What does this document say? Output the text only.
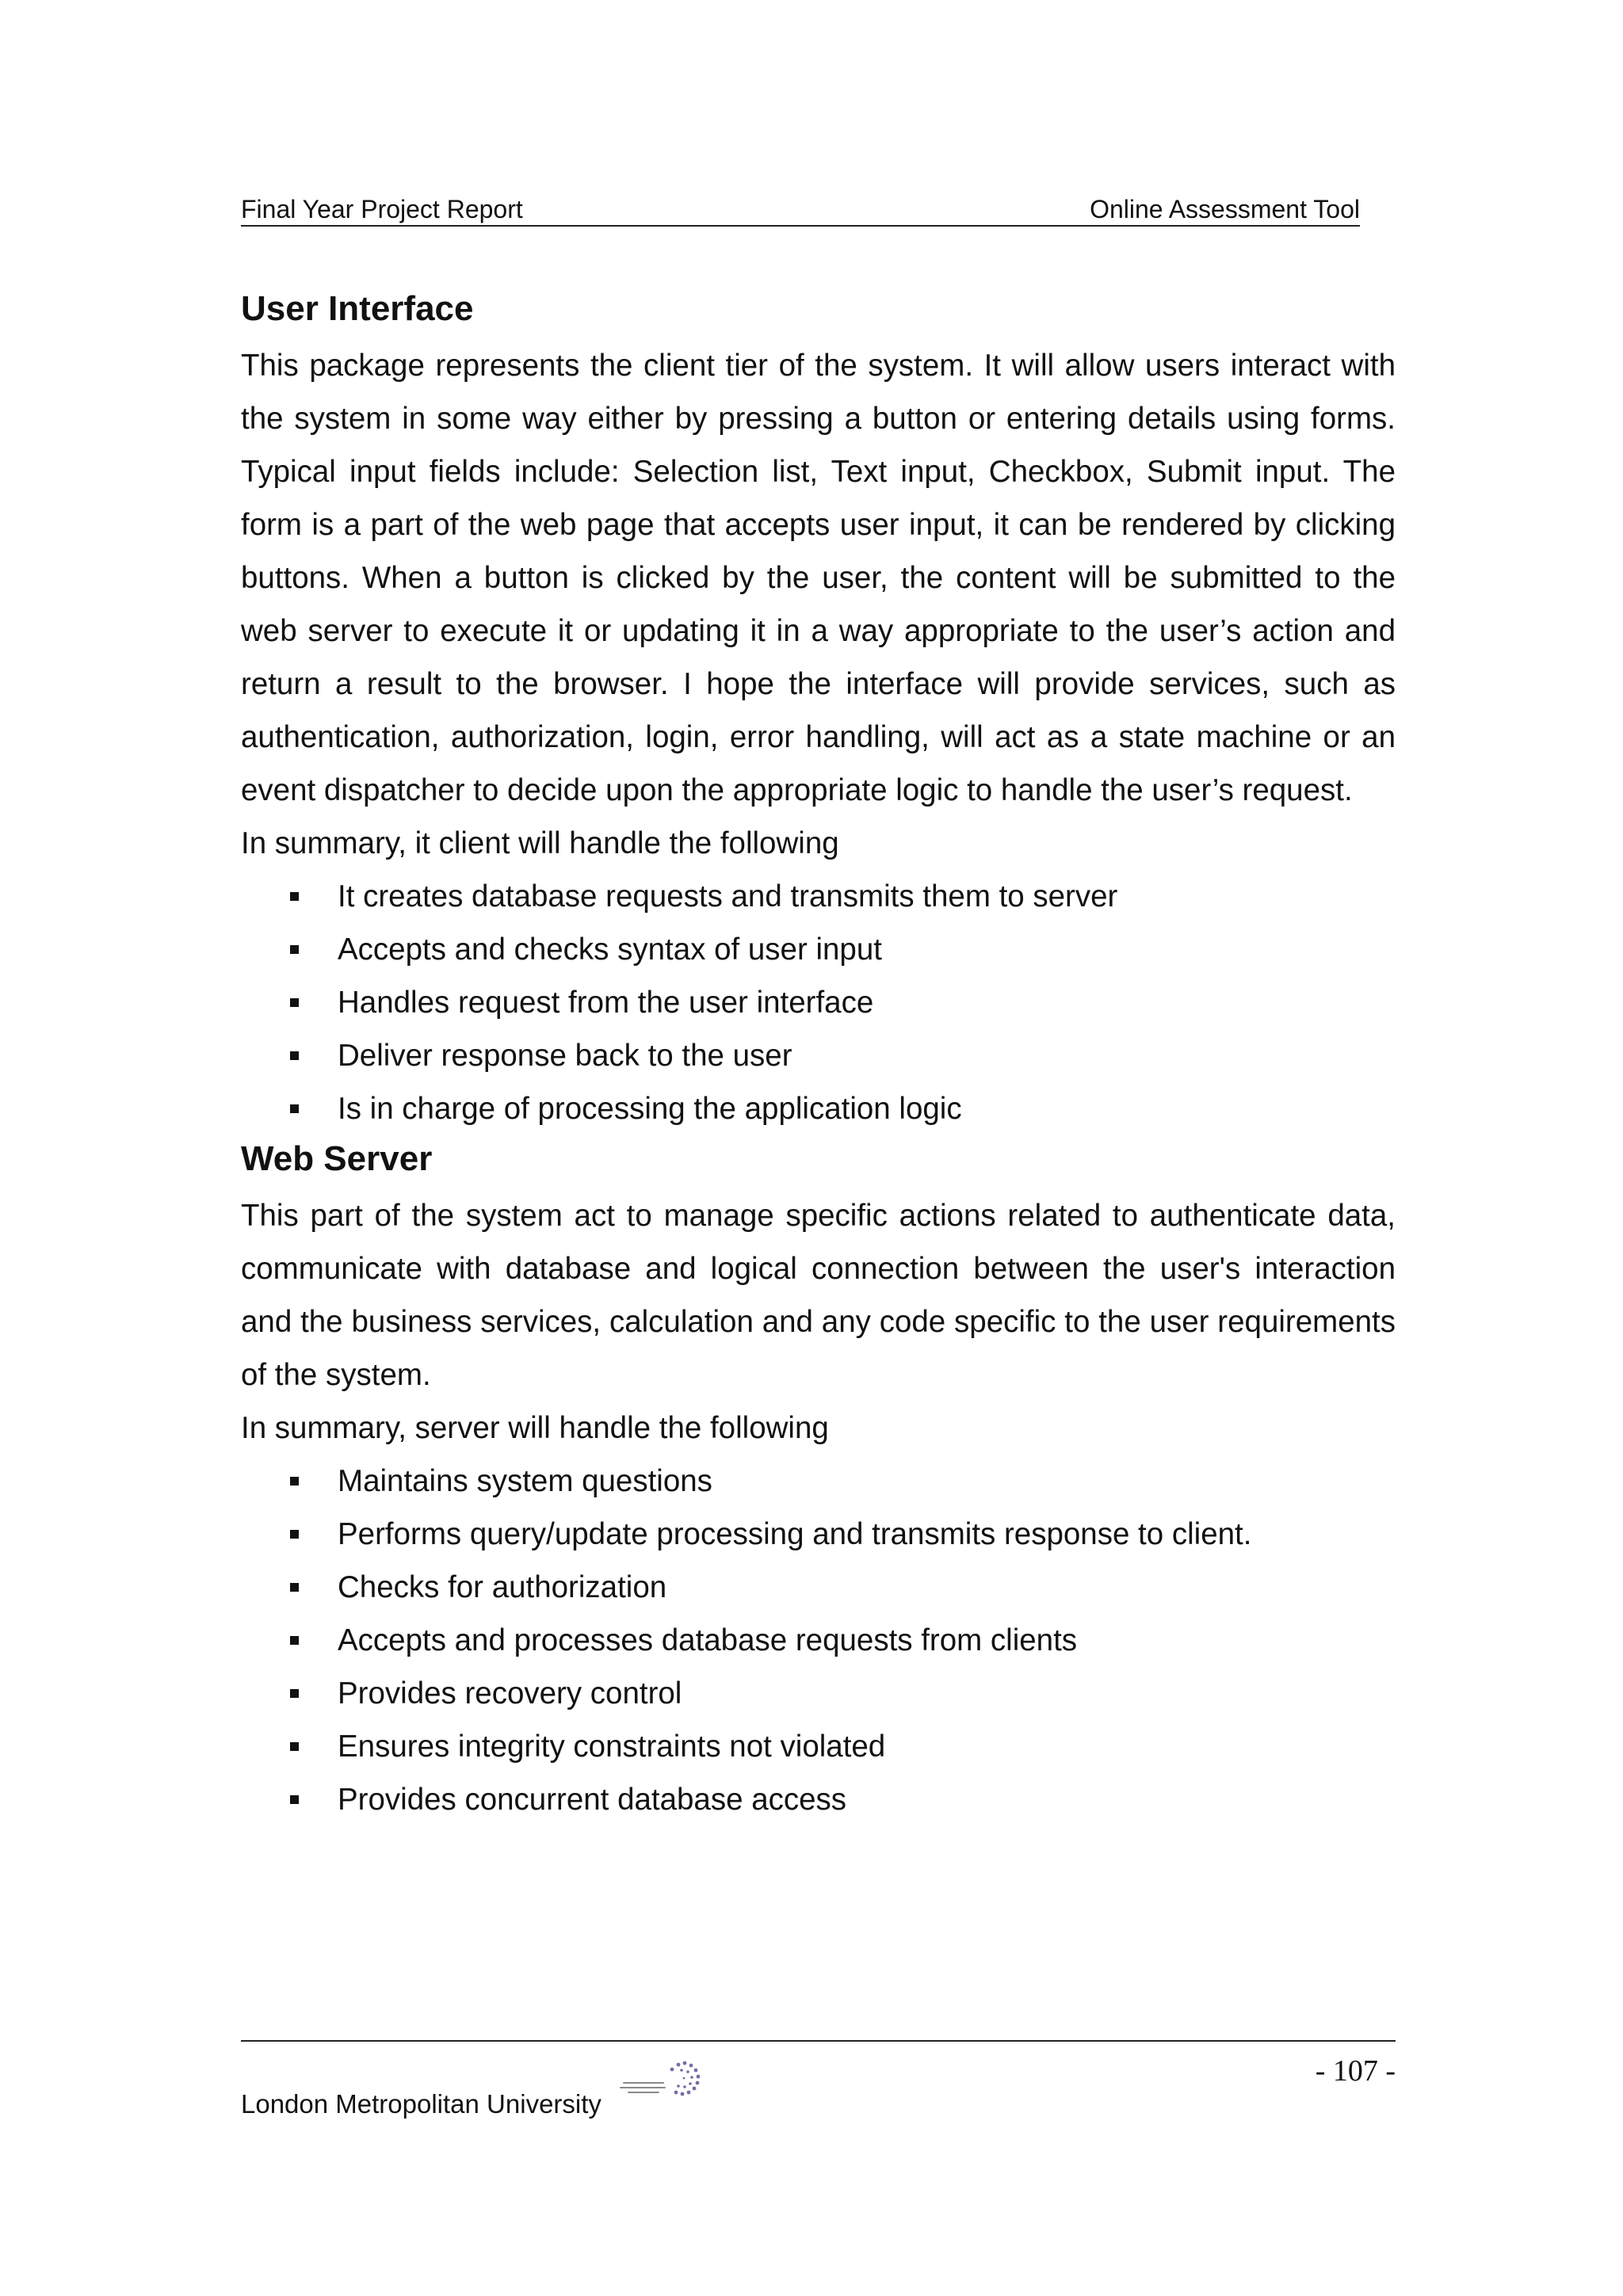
Final Year Project Report	Online Assessment Tool
User Interface

This package represents the client tier of the system. It will allow users interact with the system in some way either by pressing a button or entering details using forms. Typical input fields include: Selection list, Text input, Checkbox, Submit input. The form is a part of the web page that accepts user input, it can be rendered by clicking buttons. When a button is clicked by the user, the content will be submitted to the web server to execute it or updating it in a way appropriate to the user’s action and return a result to the browser. I hope the interface will provide services, such as authentication, authorization, login, error handling, will act as a state machine or an event dispatcher to decide upon the appropriate logic to handle the user’s request.

In summary, it client will handle the following

It creates database requests and transmits them to server
Accepts and checks syntax of user input
Handles request from the user interface
Deliver response back to the user
Is in charge of processing the application logic
Web Server

This part of the system act to manage specific actions related to authenticate data, communicate with database and logical connection between the user's interaction and the business services, calculation and any code specific to the user requirements of the system.

In summary, server will handle the following

Maintains system questions
Performs query/update processing and transmits response to client.
Checks for authorization
Accepts and processes database requests from clients
Provides recovery control
Ensures integrity constraints not violated
Provides concurrent database access
- 107 -
London Metropolitan University
